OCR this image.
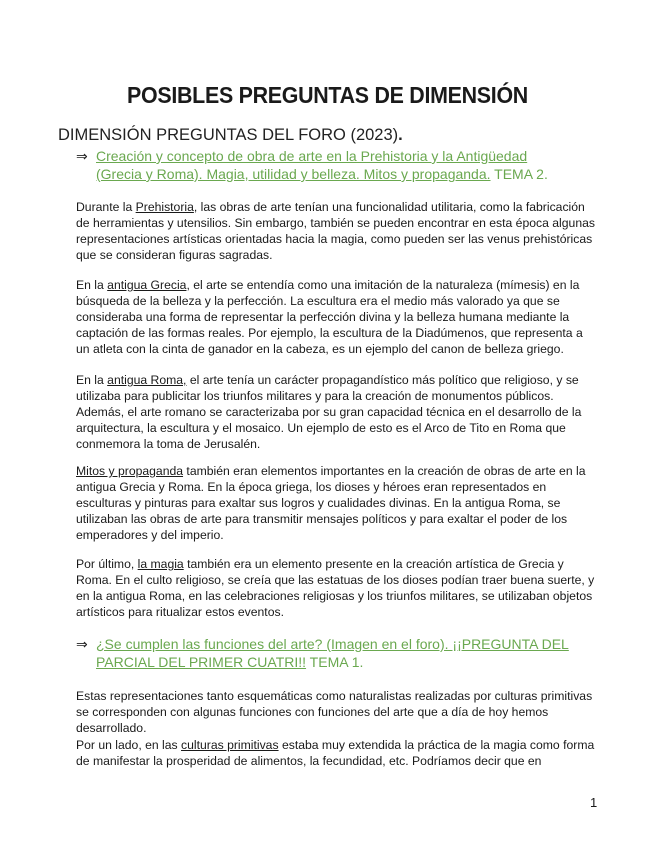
POSIBLES PREGUNTAS DE DIMENSIÓN
DIMENSIÓN PREGUNTAS DEL FORO (2023).
⇒ Creación y concepto de obra de arte en la Prehistoria y la Antigüedad (Grecia y Roma). Magia, utilidad y belleza. Mitos y propaganda. TEMA 2.
Durante la Prehistoria, las obras de arte tenían una funcionalidad utilitaria, como la fabricación de herramientas y utensilios. Sin embargo, también se pueden encontrar en esta época algunas representaciones artísticas orientadas hacia la magia, como pueden ser las venus prehistóricas que se consideran figuras sagradas.
En la antigua Grecia, el arte se entendía como una imitación de la naturaleza (mímesis) en la búsqueda de la belleza y la perfección. La escultura era el medio más valorado ya que se consideraba una forma de representar la perfección divina y la belleza humana mediante la captación de las formas reales. Por ejemplo, la escultura de la Diadúmenos, que representa a un atleta con la cinta de ganador en la cabeza, es un ejemplo del canon de belleza griego.
En la antigua Roma, el arte tenía un carácter propagandístico más político que religioso, y se utilizaba para publicitar los triunfos militares y para la creación de monumentos públicos. Además, el arte romano se caracterizaba por su gran capacidad técnica en el desarrollo de la arquitectura, la escultura y el mosaico. Un ejemplo de esto es el Arco de Tito en Roma que conmemora la toma de Jerusalén.
Mitos y propaganda también eran elementos importantes en la creación de obras de arte en la antigua Grecia y Roma. En la época griega, los dioses y héroes eran representados en esculturas y pinturas para exaltar sus logros y cualidades divinas. En la antigua Roma, se utilizaban las obras de arte para transmitir mensajes políticos y para exaltar el poder de los emperadores y del imperio.
Por último, la magia también era un elemento presente en la creación artística de Grecia y Roma. En el culto religioso, se creía que las estatuas de los dioses podían traer buena suerte, y en la antigua Roma, en las celebraciones religiosas y los triunfos militares, se utilizaban objetos artísticos para ritualizar estos eventos.
⇒ ¿Se cumplen las funciones del arte? (Imagen en el foro). ¡¡PREGUNTA DEL PARCIAL DEL PRIMER CUATRI!! TEMA 1.
Estas representaciones tanto esquemáticas como naturalistas realizadas por culturas primitivas se corresponden con algunas funciones con funciones del arte que a día de hoy hemos desarrollado.
Por un lado, en las culturas primitivas estaba muy extendida la práctica de la magia como forma de manifestar la prosperidad de alimentos, la fecundidad, etc. Podríamos decir que en
1
